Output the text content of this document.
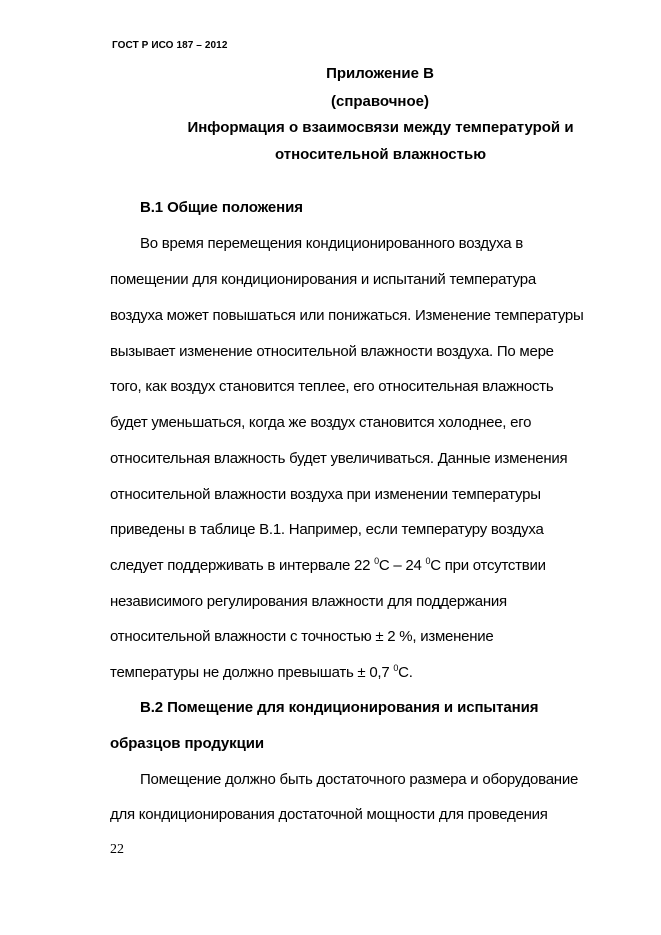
ГОСТ Р ИСО 187 – 2012
Приложение В
(справочное)
Информация о взаимосвязи между температурой и
относительной влажностью
В.1 Общие положения
Во время перемещения кондиционированного воздуха в
помещении для кондиционирования и испытаний температура
воздуха может повышаться или понижаться. Изменение температуры
вызывает изменение относительной влажности воздуха. По мере
того, как воздух становится теплее, его относительная влажность
будет уменьшаться, когда же воздух становится холоднее, его
относительная влажность будет увеличиваться. Данные изменения
относительной влажности воздуха при изменении температуры
приведены в таблице В.1. Например, если температуру воздуха
следует поддерживать в интервале 22 $^0$С – 24 $^0$С при отсутствии
независимого регулирования влажности для поддержания
относительной влажности с точностью ± 2 %, изменение
температуры не должно превышать ± 0,7 $^0$С.
В.2 Помещение для кондиционирования и испытания
образцов продукции
Помещение должно быть достаточного размера и оборудование
для кондиционирования достаточной мощности для проведения
22
